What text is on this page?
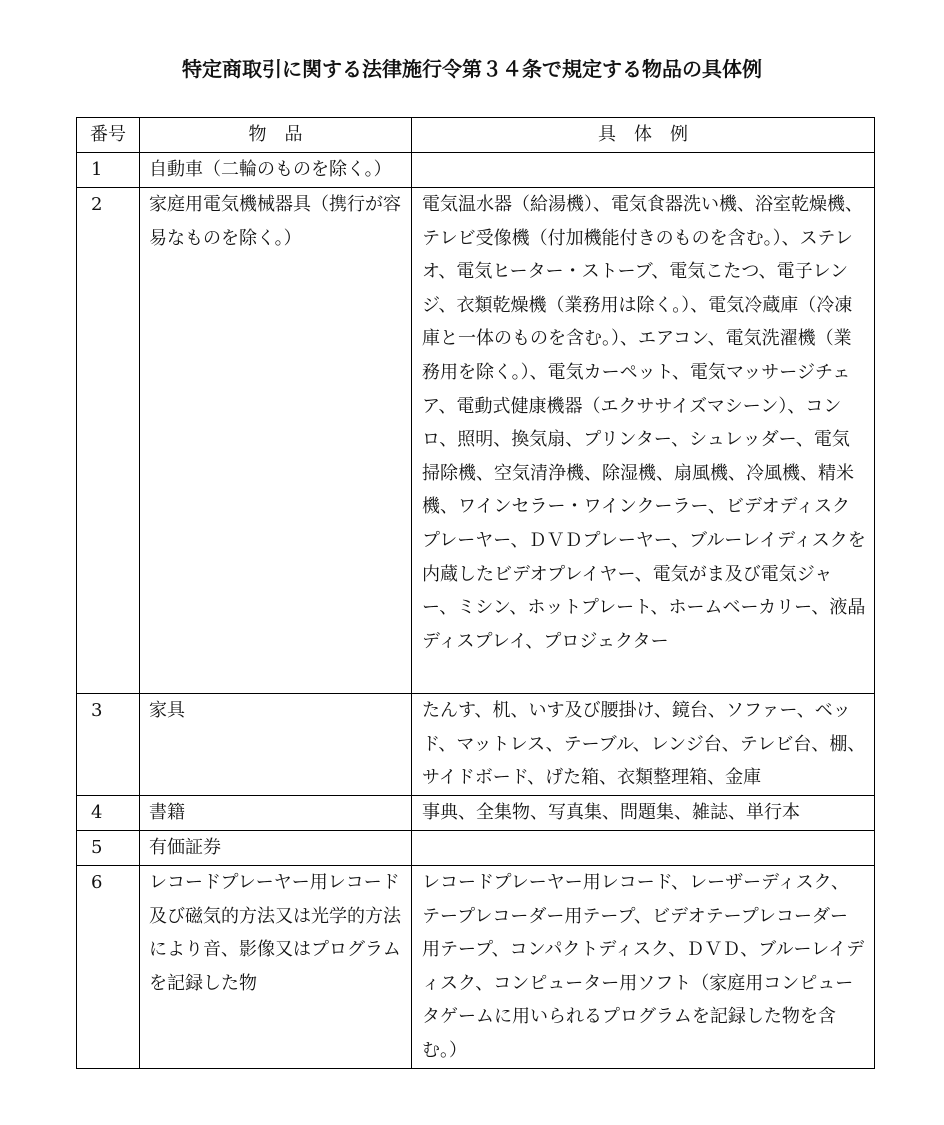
特定商取引に関する法律施行令第３４条で規定する物品の具体例
番号	物　品	具　体　例
1	自動車（二輪のものを除く。）	
2	家庭用電気機械器具（携行が容易なものを除く。）	電気温水器（給湯機）、電気食器洗い機、浴室乾燥機、テレビ受像機（付加機能付きのものを含む。）、ステレオ、電気ヒーター・ストーブ、電気こたつ、電子レンジ、衣類乾燥機（業務用は除く。）、電気冷蔵庫（冷凍庫と一体のものを含む。）、エアコン、電気洗濯機（業務用を除く。）、電気カーペット、電気マッサージチェア、電動式健康機器（エクササイズマシーン）、コンロ、照明、換気扇、プリンター、シュレッダー、電気掃除機、空気清浄機、除湿機、扇風機、冷風機、精米機、ワインセラー・ワインクーラー、ビデオディスクプレーヤー、ＤＶＤプレーヤー、ブルーレイディスクを内蔵したビデオプレイヤー、電気がま及び電気ジャー、ミシン、ホットプレート、ホームベーカリー、液晶ディスプレイ、プロジェクター
3	家具	たんす、机、いす及び腰掛け、鏡台、ソファー、ベッド、マットレス、テーブル、レンジ台、テレビ台、棚、サイドボード、げた箱、衣類整理箱、金庫
4	書籍	事典、全集物、写真集、問題集、雑誌、単行本
5	有価証券	
6	レコードプレーヤー用レコード及び磁気的方法又は光学的方法により音、影像又はプログラムを記録した物	レコードプレーヤー用レコード、レーザーディスク、テープレコーダー用テープ、ビデオテープレコーダー用テープ、コンパクトディスク、ＤＶＤ、ブルーレイディスク、コンピューター用ソフト（家庭用コンピュータゲームに用いられるプログラムを記録した物を含む。）
